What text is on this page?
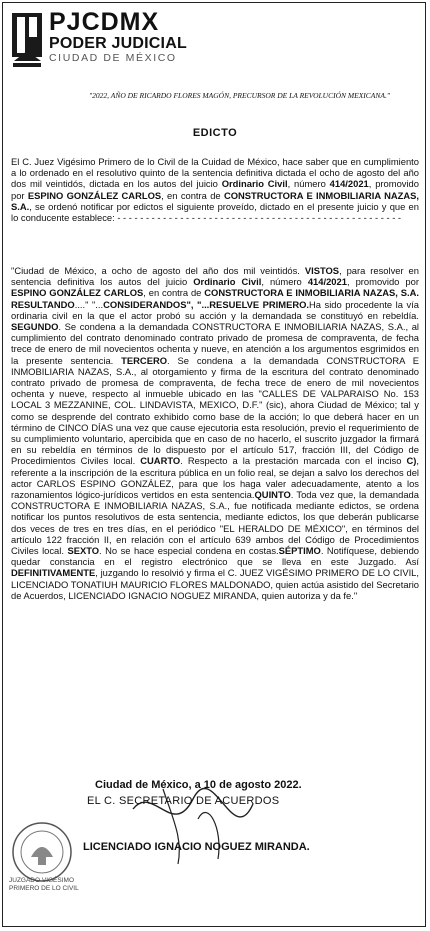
PJCDMX
PODER JUDICIAL
CIUDAD DE MÉXICO
"2022, AÑO DE RICARDO FLORES MAGÓN, PRECURSOR DE LA REVOLUCIÓN MEXICANA."
EDICTO
El C. Juez Vigésimo Primero de lo Civil de la Cuidad de México, hace saber que en cumplimiento a lo ordenado en el resolutivo quinto de la sentencia definitiva dictada el ocho de agosto del año dos mil veintidós, dictada en los autos del juicio Ordinario Civil, número 414/2021, promovido por ESPINO GONZÁLEZ CARLOS, en contra de CONSTRUCTORA E INMOBILIARIA NAZAS, S.A., se ordenó notificar por edictos el siguiente proveído, dictado en el presente juicio y que en lo conducente establece: - - - - - - - - - - - - - - - - - - - - - - - - - - - - - - - - - - - - - - - - - - - - - - - - - -
"Ciudad de México, a ocho de agosto del año dos mil veintidós. VISTOS, para resolver en sentencia definitiva los autos del juicio Ordinario Civil, número 414/2021, promovido por ESPINO GONZÁLEZ CARLOS, en contra de CONSTRUCTORA E INMOBILIARIA NAZAS, S.A. RESULTANDO...." "...CONSIDERANDOS", "...RESUELVE PRIMERO.Ha sido procedente la vía ordinaria civil en la que el actor probó su acción y la demandada se constituyó en rebeldía. SEGUNDO. Se condena a la demandada CONSTRUCTORA E INMOBILIARIA NAZAS, S.A., al cumplimiento del contrato denominado contrato privado de promesa de compraventa, de fecha trece de enero de mil novecientos ochenta y nueve, en atención a los argumentos esgrimidos en la presente sentencia. TERCERO. Se condena a la demandada CONSTRUCTORA E INMOBILIARIA NAZAS, S.A., al otorgamiento y firma de la escritura del contrato denominado contrato privado de promesa de compraventa, de fecha trece de enero de mil novecientos ochenta y nueve, respecto al inmueble ubicado en las "CALLES DE VALPARAISO No. 153 LOCAL 3 MEZZANINE, COL. LINDAVISTA, MEXICO, D.F." (sic), ahora Ciudad de México; tal y como se desprende del contrato exhibido como base de la acción; lo que deberá hacer en un término de CINCO DÍAS una vez que cause ejecutoria esta resolución, previo el requerimiento de su cumplimiento voluntario, apercibida que en caso de no hacerlo, el suscrito juzgador la firmará en su rebeldía en términos de lo dispuesto por el artículo 517, fracción III, del Código de Procedimientos Civiles local. CUARTO. Respecto a la prestación marcada con el inciso C), referente a la inscripción de la escritura pública en un folio real, se dejan a salvo los derechos del actor CARLOS ESPINO GONZÁLEZ, para que los haga valer adecuadamente, atento a los razonamientos lógico-jurídicos vertidos en esta sentencia.QUINTO. Toda vez que, la demandada CONSTRUCTORA E INMOBILIARIA NAZAS, S.A., fue notificada mediante edictos, se ordena notificar los puntos resolutivos de esta sentencia, mediante edictos, los que deberán publicarse dos veces de tres en tres días, en el periódico "EL HERALDO DE MÉXICO", en términos del artículo 122 fracción II, en relación con el artículo 639 ambos del Código de Procedimientos Civiles local. SEXTO. No se hace especial condena en costas.SÉPTIMO. Notifíquese, debiendo quedar constancia en el registro electrónico que se lleva en este Juzgado. Así DEFINITIVAMENTE, juzgando lo resolvió y firma el C. JUEZ VIGÉSIMO PRIMERO DE LO CIVIL, LICENCIADO TONATIUH MAURICIO FLORES MALDONADO, quien actúa asistido del Secretario de Acuerdos, LICENCIADO IGNACIO NOGUEZ MIRANDA, quien autoriza y da fe."
Ciudad de México, a 10 de agosto 2022.
EL C. SECRETARIO DE ACUERDOS
LICENCIADO IGNACIO NOGUEZ MIRANDA.
JUZGADO VIGÉSIMO PRIMERO DE LO CIVIL
